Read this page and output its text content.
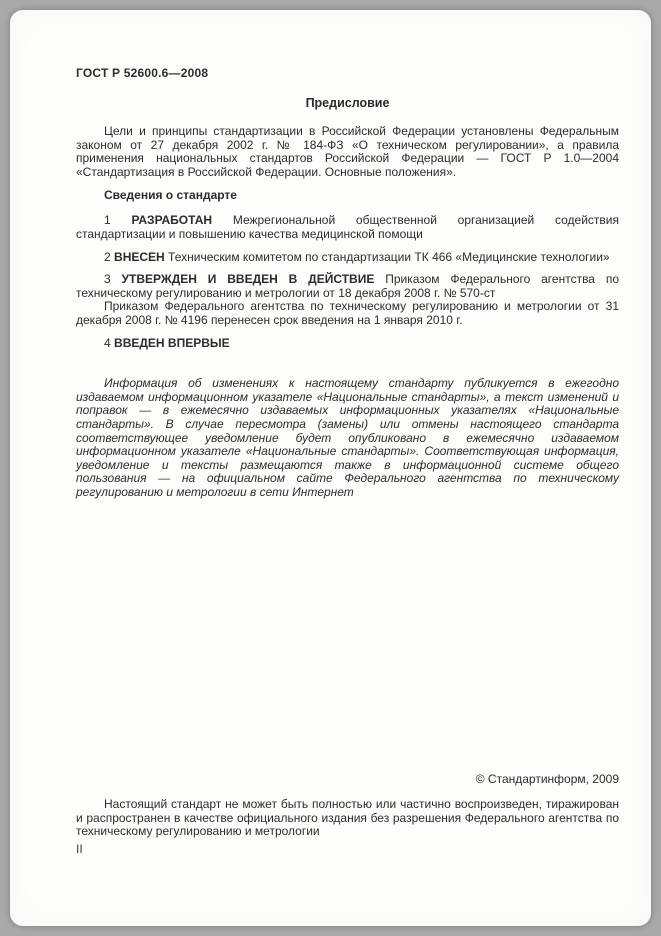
ГОСТ Р 52600.6—2008
Предисловие

Цели и принципы стандартизации в Российской Федерации установлены Федеральным законом от 27 декабря 2002 г. № 184-ФЗ «О техническом регулировании», а правила применения национальных стандартов Российской Федерации — ГОСТ Р 1.0—2004 «Стандартизация в Российской Федерации. Основные положения».

Сведения о стандарте

1 РАЗРАБОТАН Межрегиональной общественной организацией содействия стандартизации и повышению качества медицинской помощи

2 ВНЕСЕН Техническим комитетом по стандартизации ТК 466 «Медицинские технологии»

3 УТВЕРЖДЕН И ВВЕДЕН В ДЕЙСТВИЕ Приказом Федерального агентства по техническому регулированию и метрологии от 18 декабря 2008 г. № 570-ст

Приказом Федерального агентства по техническому регулированию и метрологии от 31 декабря 2008 г. № 4196 перенесен срок введения на 1 января 2010 г.

4 ВВЕДЕН ВПЕРВЫЕ

Информация об изменениях к настоящему стандарту публикуется в ежегодно издаваемом информационном указателе «Национальные стандарты», а текст изменений и поправок — в ежемесячно издаваемых информационных указателях «Национальные стандарты». В случае пересмотра (замены) или отмены настоящего стандарта соответствующее уведомление будет опубликовано в ежемесячно издаваемом информационном указателе «Национальные стандарты». Соответствующая информация, уведомление и тексты размещаются также в информационной системе общего пользования — на официальном сайте Федерального агентства по техническому регулированию и метрологии в сети Интернет

© Стандартинформ, 2009

Настоящий стандарт не может быть полностью или частично воспроизведен, тиражирован и распространен в качестве официального издания без разрешения Федерального агентства по техническому регулированию и метрологии

II
